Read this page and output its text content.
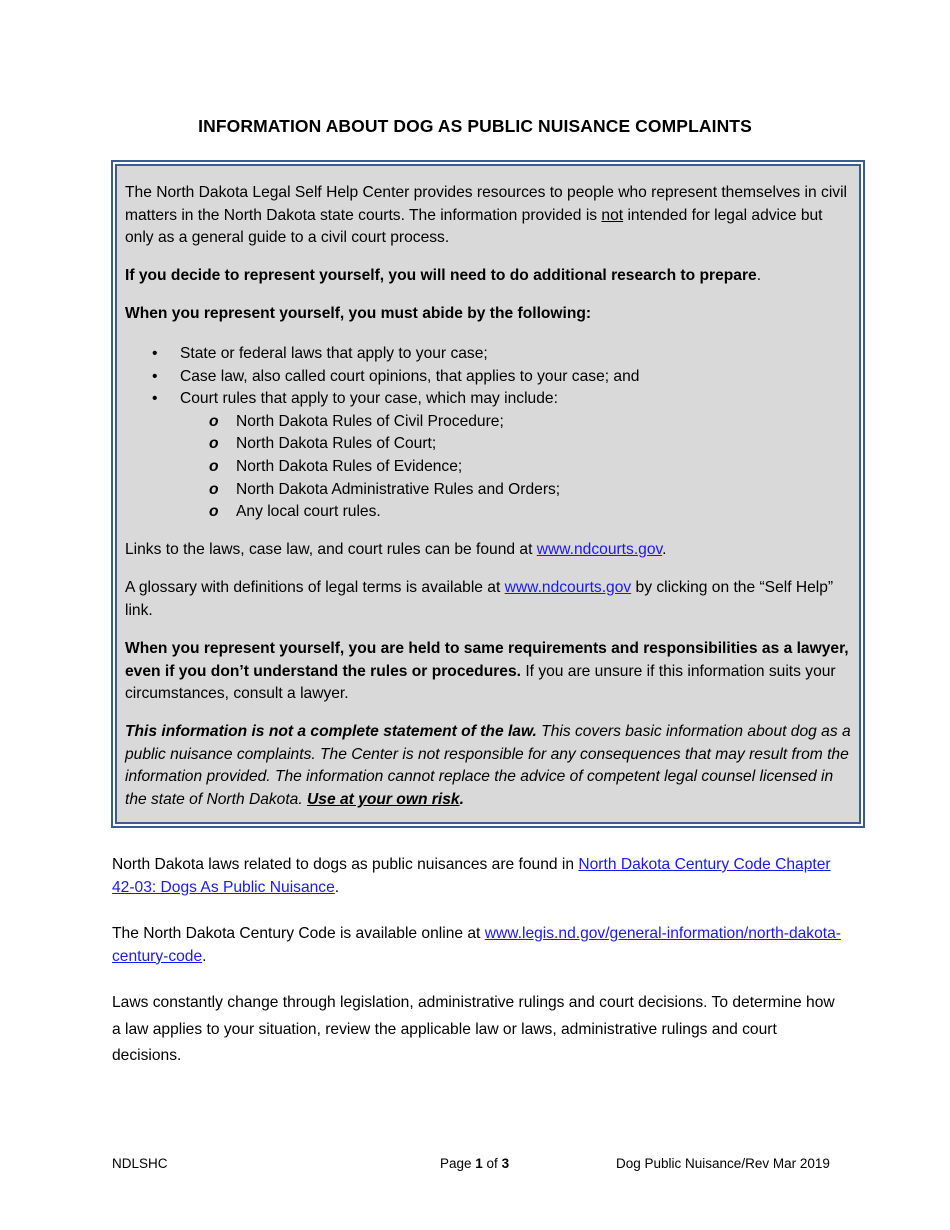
INFORMATION ABOUT DOG AS PUBLIC NUISANCE COMPLAINTS

The North Dakota Legal Self Help Center provides resources to people who represent themselves in civil matters in the North Dakota state courts. The information provided is not intended for legal advice but only as a general guide to a civil court process.

If you decide to represent yourself, you will need to do additional research to prepare.

When you represent yourself, you must abide by the following:

• State or federal laws that apply to your case;
• Case law, also called court opinions, that applies to your case; and
• Court rules that apply to your case, which may include:
o North Dakota Rules of Civil Procedure;
o North Dakota Rules of Court;
o North Dakota Rules of Evidence;
o North Dakota Administrative Rules and Orders;
o Any local court rules.

Links to the laws, case law, and court rules can be found at www.ndcourts.gov.

A glossary with definitions of legal terms is available at www.ndcourts.gov by clicking on the “Self Help” link.

When you represent yourself, you are held to same requirements and responsibilities as a lawyer, even if you don’t understand the rules or procedures. If you are unsure if this information suits your circumstances, consult a lawyer.

This information is not a complete statement of the law. This covers basic information about dog as a public nuisance complaints. The Center is not responsible for any consequences that may result from the information provided. The information cannot replace the advice of competent legal counsel licensed in the state of North Dakota. Use at your own risk.

North Dakota laws related to dogs as public nuisances are found in North Dakota Century Code Chapter 42-03: Dogs As Public Nuisance.

The North Dakota Century Code is available online at www.legis.nd.gov/general-information/north-dakota-century-code.

Laws constantly change through legislation, administrative rulings and court decisions. To determine how a law applies to your situation, review the applicable law or laws, administrative rulings and court decisions.

NDLSHC	Page 1 of 3	Dog Public Nuisance/Rev Mar 2019
